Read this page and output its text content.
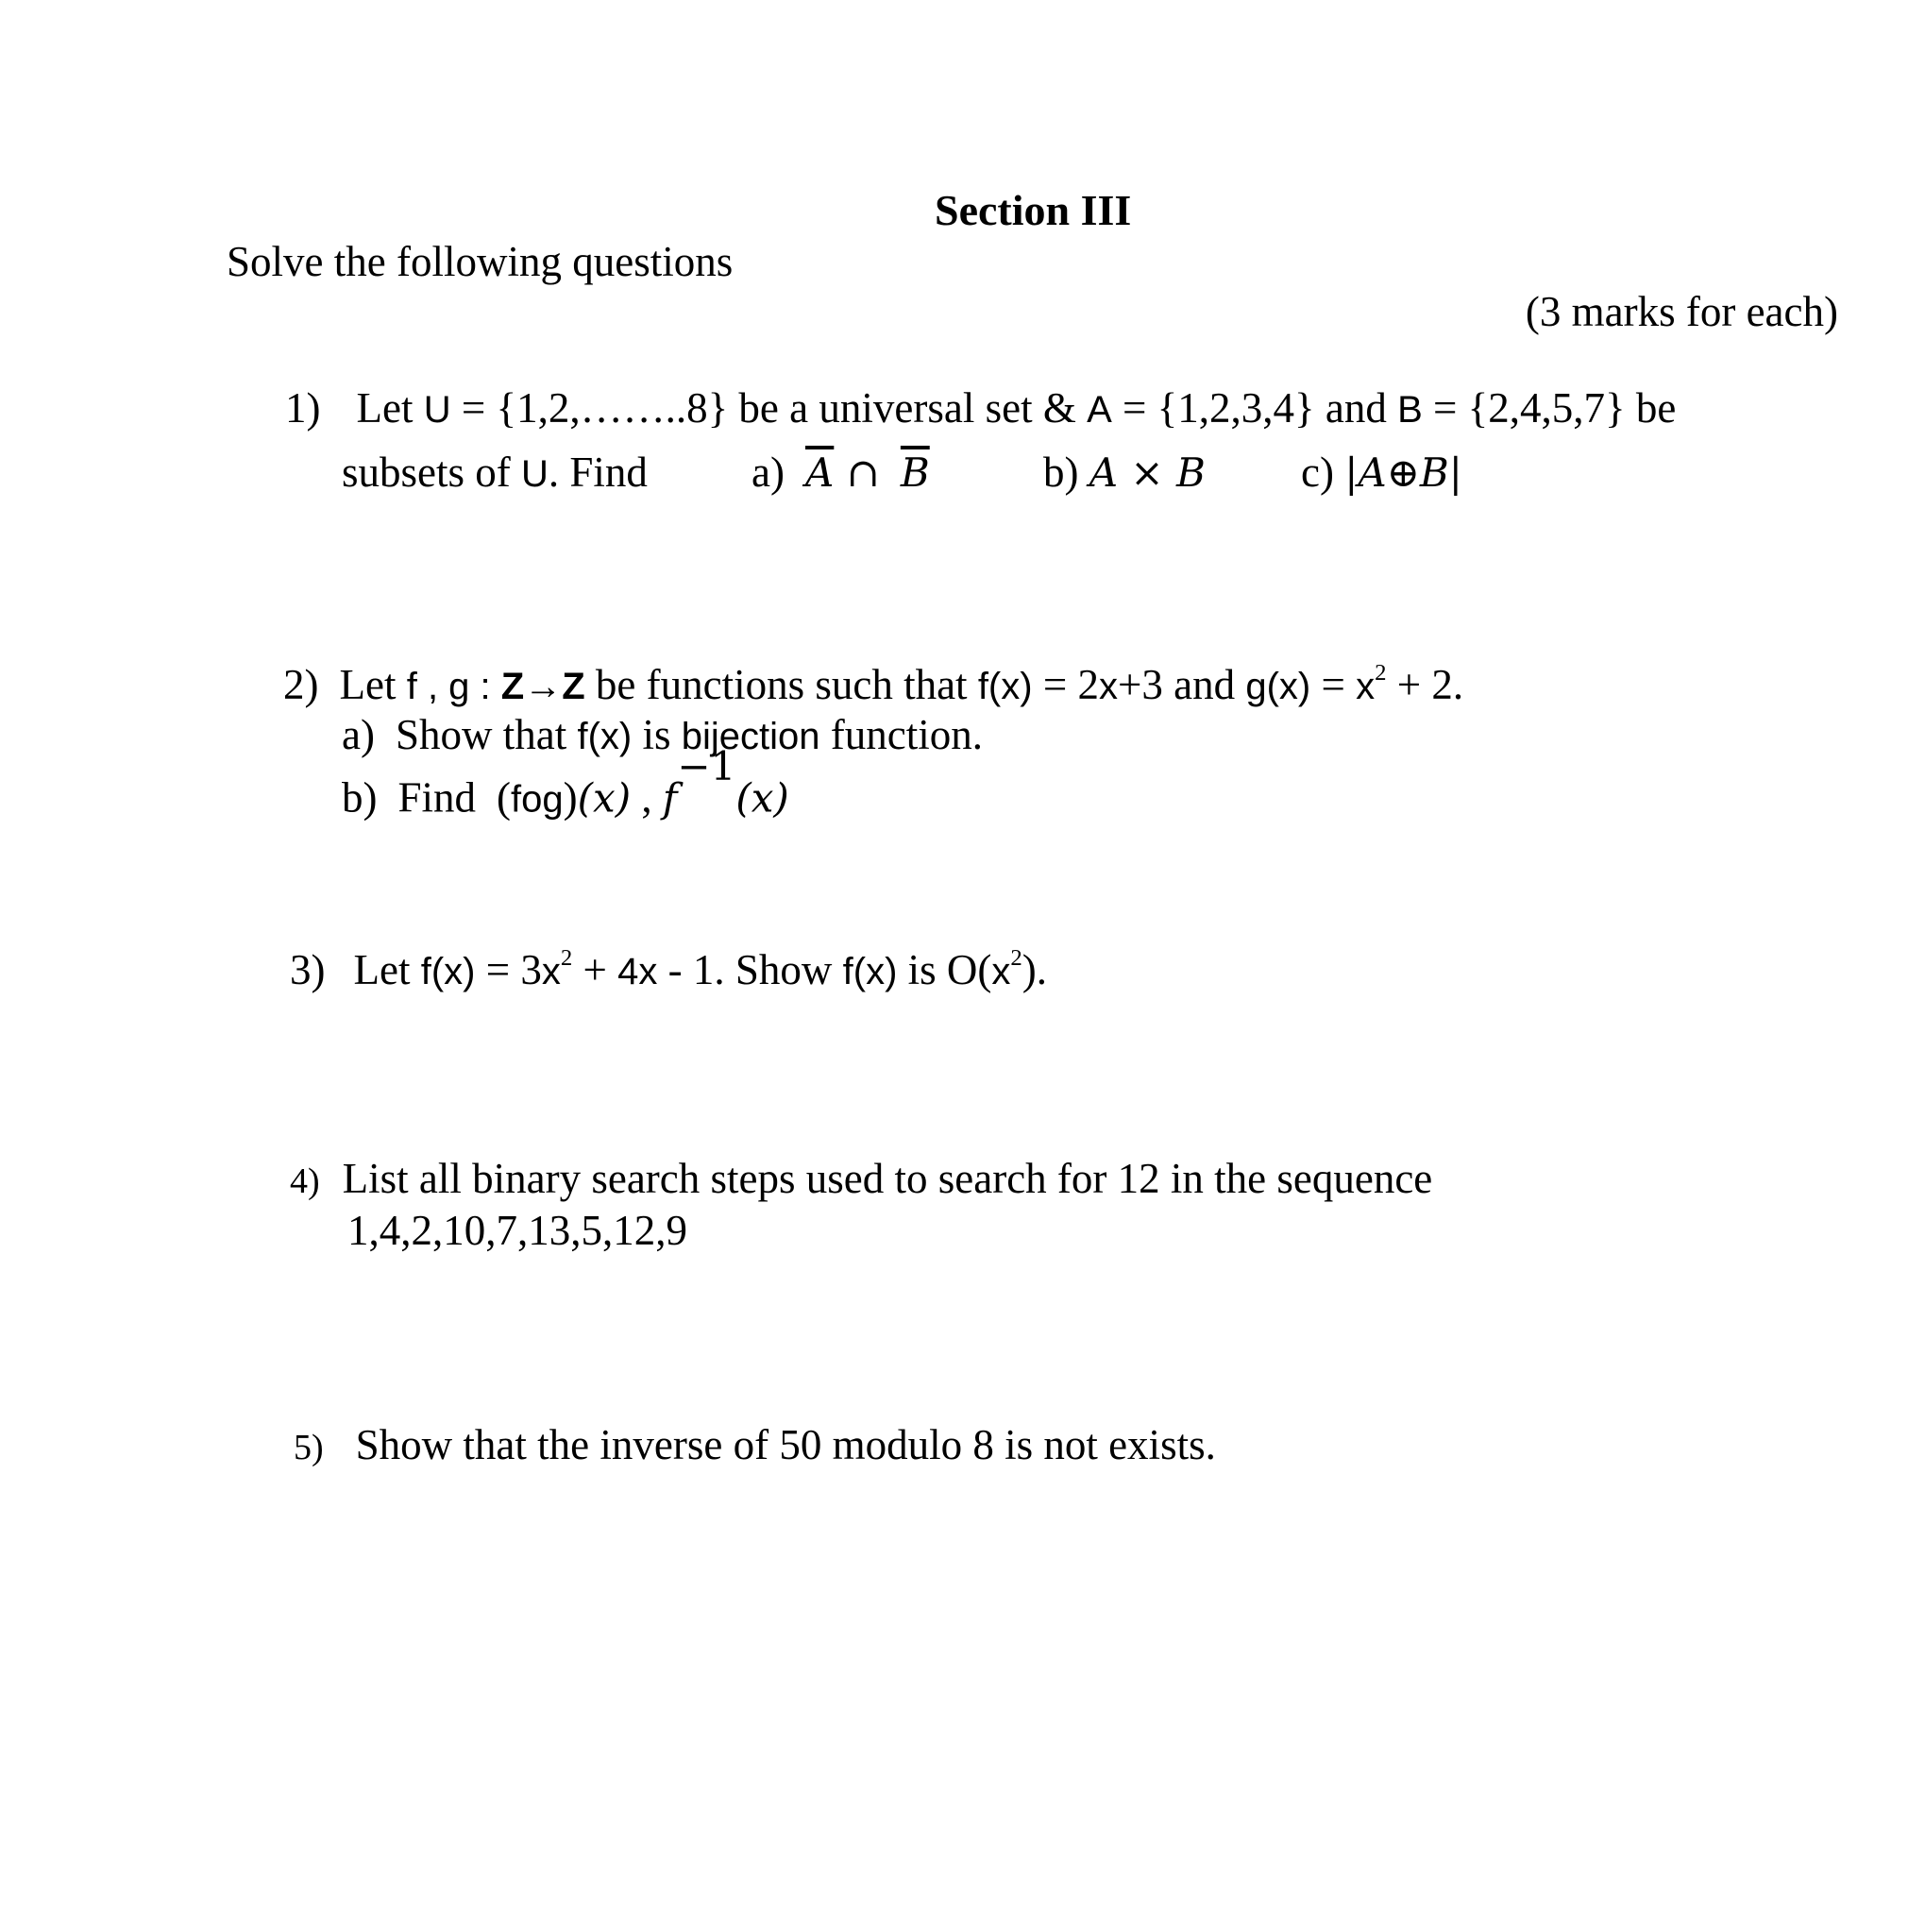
Section III
Solve the following questions
(3 marks for each)
1) Let U = {1,2,……..8} be a universal set & A = {1,2,3,4} and B = {2,4,5,7} be
subsets of U. Find a) $\overline{A}$ ∩ $\overline{B}$	b) A × B c) |A⊕B|
2) Let f , g : Z→Z be functions such that f(x) = 2x+3 and $g(x) = x^2 + 2$.
a) Show that f(x) is bijection function.
b) Find (fog)(x) , $f^{-1}(x)$
3) Let $f(x) = 3x^2 + 4x - 1$. Show f(x) is $O(x^2)$.
4) List all binary search steps used to search for 12 in the sequence
1,4,2,10,7,13,5,12,9
5) Show that the inverse of 50 modulo 8 is not exists.
